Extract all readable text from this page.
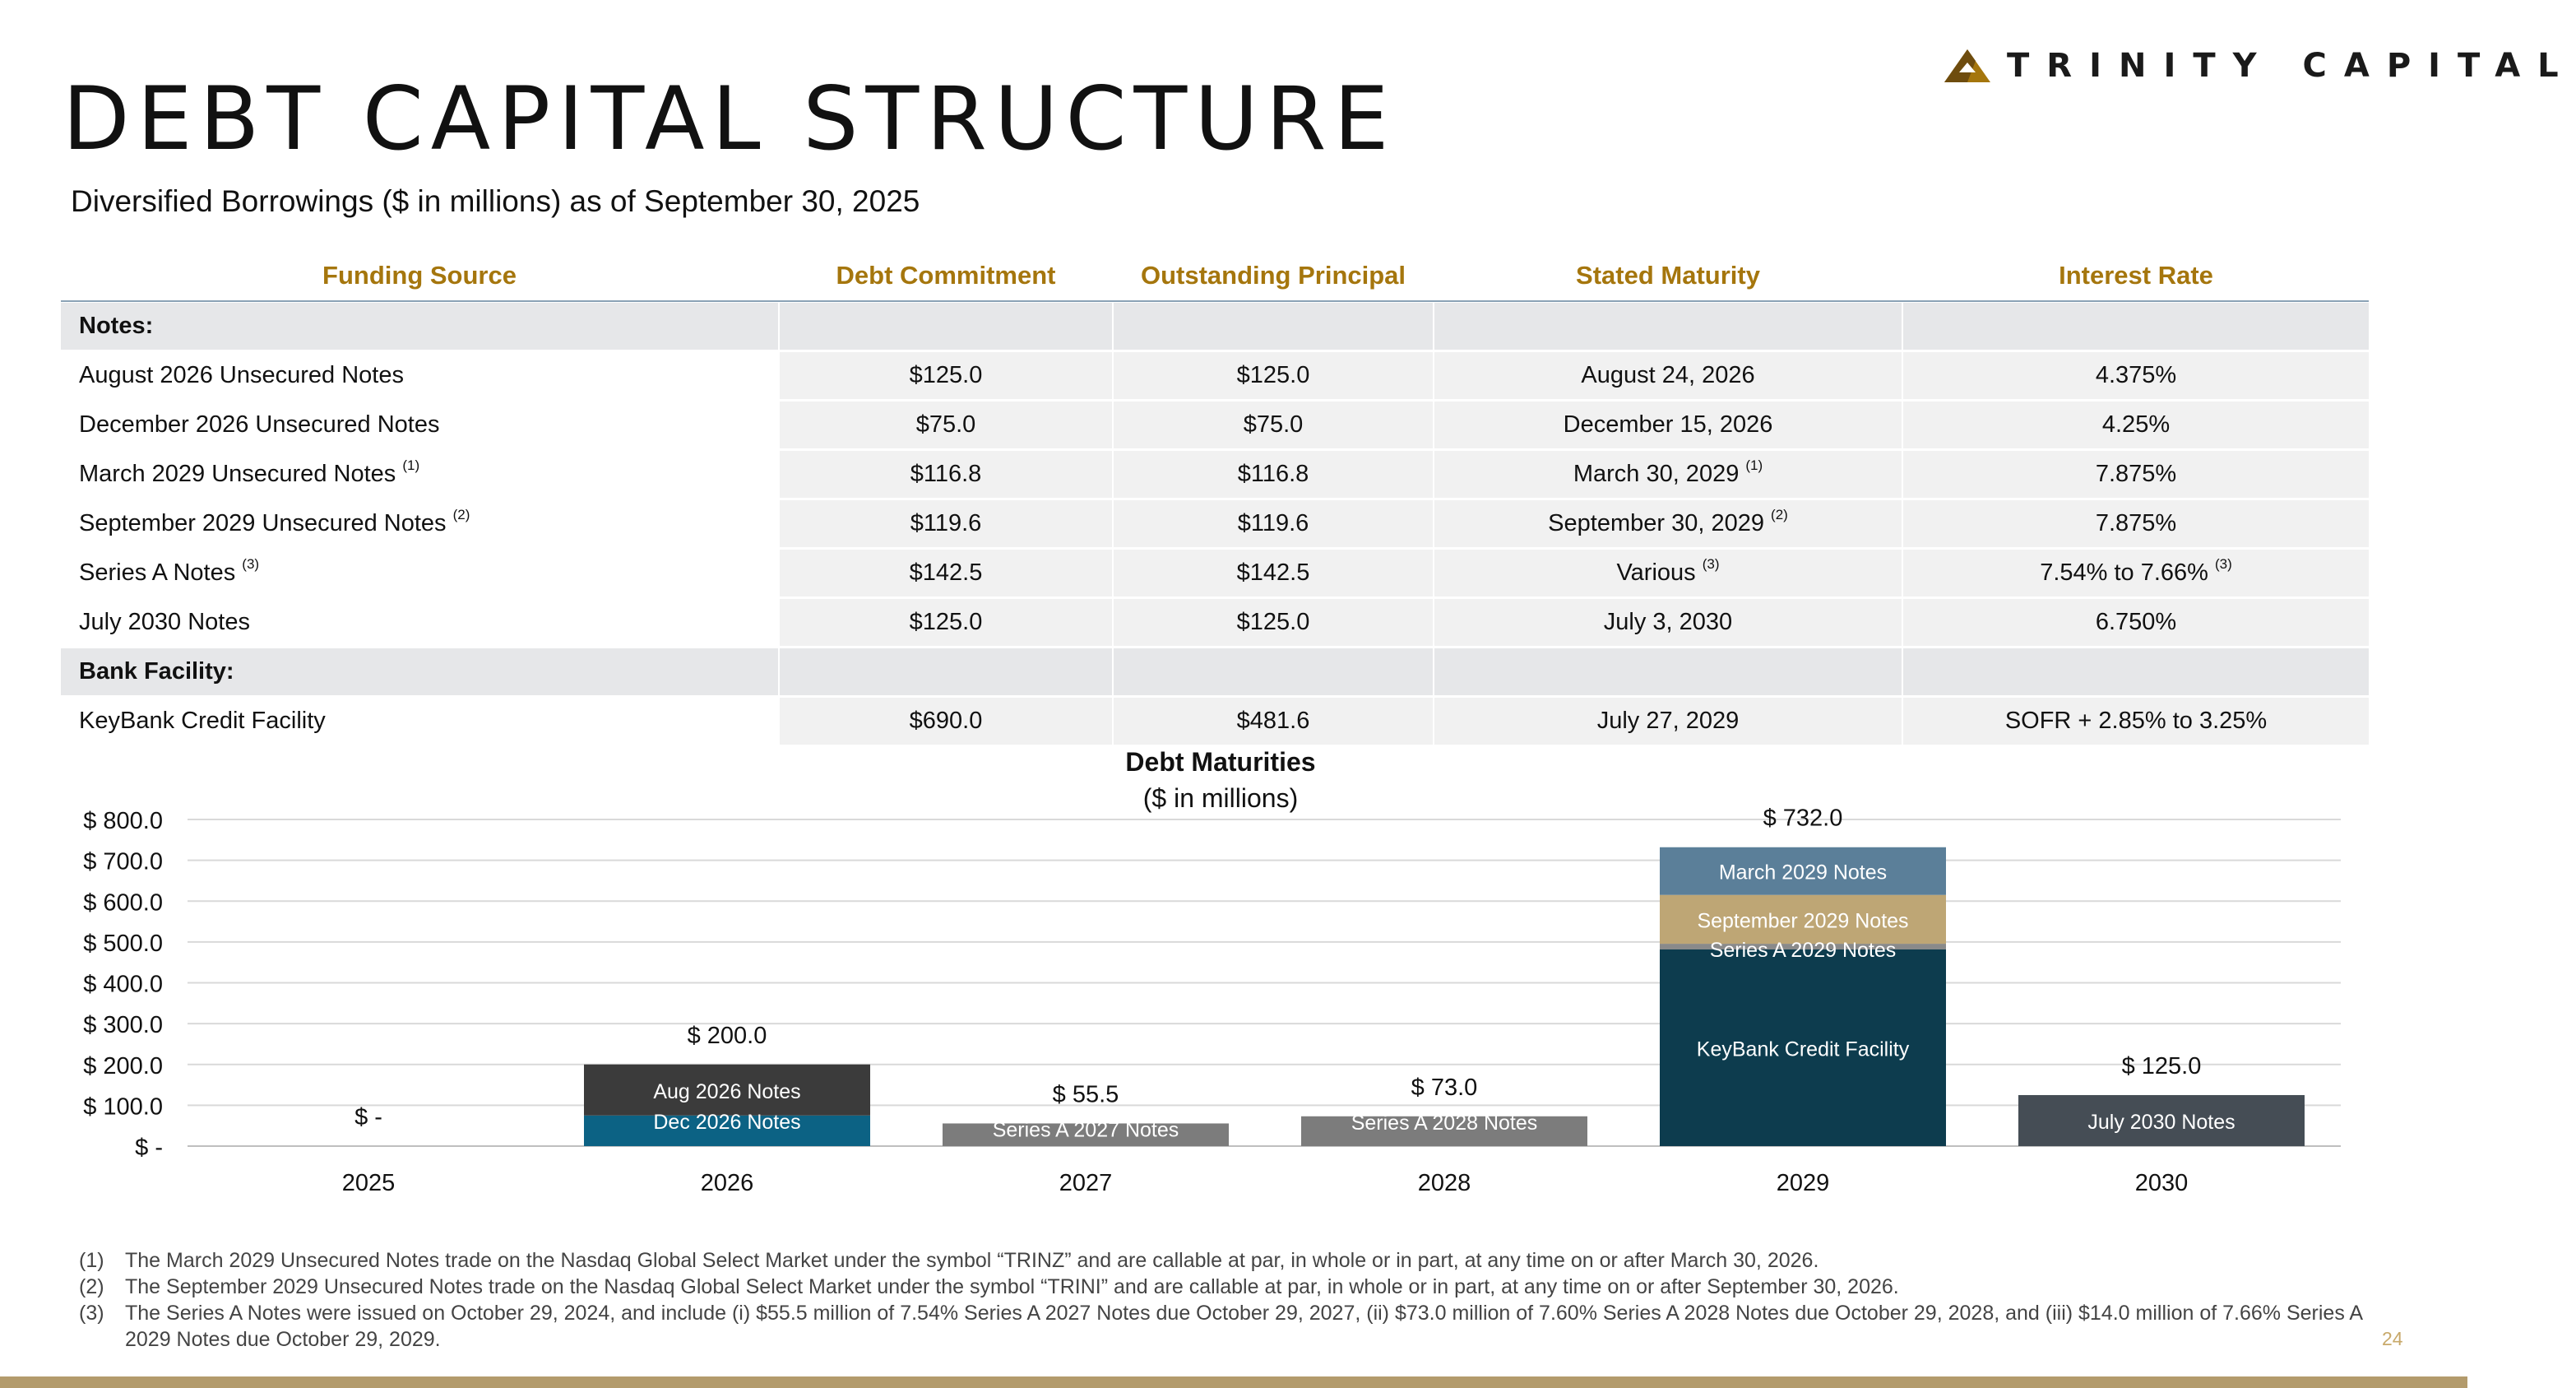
TRINITY CAPITAL
DEBT CAPITAL STRUCTURE
Diversified Borrowings ($ in millions) as of September 30, 2025
Funding Source	Debt Commitment	Outstanding Principal	Stated Maturity	Interest Rate
Notes:
August 2026 Unsecured Notes	$125.0	$125.0	August 24, 2026	4.375%
December 2026 Unsecured Notes	$75.0	$75.0	December 15, 2026	4.25%
March 2029 Unsecured Notes $^{(1)}$	$116.8	$116.8	March 30, 2029 $^{(1)}$	7.875%
September 2029 Unsecured Notes $^{(2)}$	$119.6	$119.6	September 30, 2029 $^{(2)}$	7.875%
Series A Notes $^{(3)}$	$142.5	$142.5	Various $^{(3)}$	7.54% to 7.66% $^{(3)}$
July 2030 Notes	$125.0	$125.0	July 3, 2030	6.750%
Bank Facility:
KeyBank Credit Facility	$690.0	$481.6	July 27, 2029	SOFR + 2.85% to 3.25%
Debt Maturities
($ in millions)
$ -
$ 100.0
$ 200.0
$ 300.0
$ 400.0
$ 500.0
$ 600.0
$ 700.0
$ 800.0
2025	2026	2027	2028	2029	2030
Dec 2026 Notes
Aug 2026 Notes
Series A 2027 Notes	Series A 2028 Notes
KeyBank Credit Facility
Series A 2029 Notes
September 2029 Notes
March 2029 Notes
July 2030 Notes
$ -
$ 200.0
$ 55.5	$ 73.0
$ 732.0
$ 125.0
(1) The March 2029 Unsecured Notes trade on the Nasdaq Global Select Market under the symbol “TRINZ” and are callable at par, in whole or in part, at any time on or after March 30, 2026.
(2) The September 2029 Unsecured Notes trade on the Nasdaq Global Select Market under the symbol “TRINI” and are callable at par, in whole or in part, at any time on or after September 30, 2026.
(3) The Series A Notes were issued on October 29, 2024, and include (i) $55.5 million of 7.54% Series A 2027 Notes due October 29, 2027, (ii) $73.0 million of 7.60% Series A 2028 Notes due October 29, 2028, and (iii) $14.0 million of 7.66% Series A 2029 Notes due October 29, 2029.	24
